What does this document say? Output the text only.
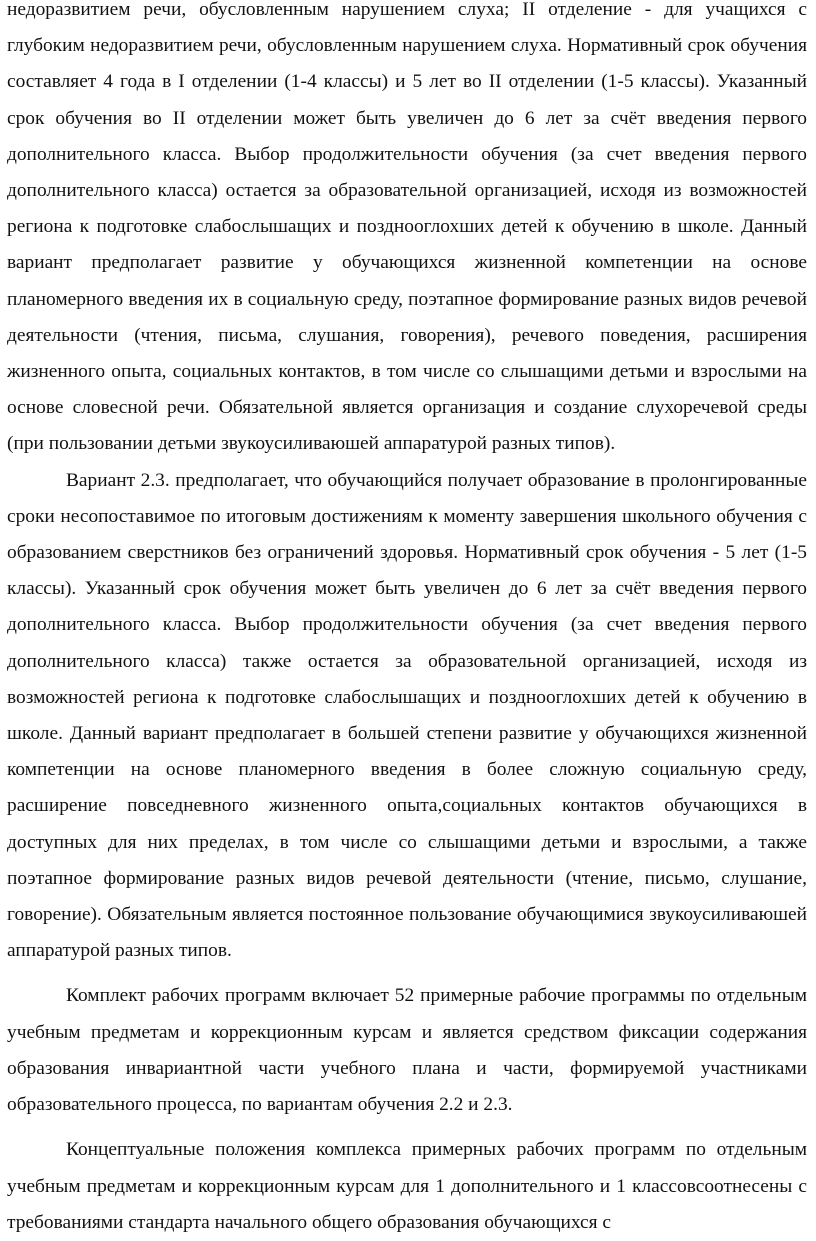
недоразвитием речи, обусловленным нарушением слуха; II отделение - для учащихся с глубоким недоразвитием речи, обусловленным нарушением слуха. Нормативный срок обучения составляет 4 года в I отделении (1-4 классы) и 5 лет во II отделении (1-5 классы). Указанный срок обучения во II отделении может быть увеличен до 6 лет за счёт введения первого дополнительного класса. Выбор продолжительности обучения (за счет введения первого дополнительного класса) остается за образовательной организацией, исходя из возможностей региона к подготовке слабослышащих и позднооглохших детей к обучению в школе. Данный вариант предполагает развитие у обучающихся жизненной компетенции на основе планомерного введения их в социальную среду, поэтапное формирование разных видов речевой деятельности (чтения, письма, слушания, говорения), речевого поведения, расширения жизненного опыта, социальных контактов, в том числе со слышащими детьми и взрослыми на основе словесной речи. Обязательной является организация и создание слухоречевой среды (при пользовании детьми звукоусиливаюшей аппаратурой разных типов).

Вариант 2.3. предполагает, что обучающийся получает образование в пролонгированные сроки несопоставимое по итоговым достижениям к моменту завершения школьного обучения с образованием сверстников без ограничений здоровья. Нормативный срок обучения - 5 лет (1-5 классы). Указанный срок обучения может быть увеличен до 6 лет за счёт введения первого дополнительного класса. Выбор продолжительности обучения (за счет введения первого дополнительного класса) также остается за образовательной организацией, исходя из возможностей региона к подготовке слабослышащих и позднооглохших детей к обучению в школе. Данный вариант предполагает в большей степени развитие у обучающихся жизненной компетенции на основе планомерного введения в более сложную социальную среду, расширение повседневного жизненного опыта,социальных контактов обучающихся в доступных для них пределах, в том числе со слышащими детьми и взрослыми, а также поэтапное формирование разных видов речевой деятельности (чтение, письмо, слушание, говорение). Обязательным является постоянное пользование обучающимися звукоусиливаюшей аппаратурой разных типов.

Комплект рабочих программ включает 52 примерные рабочие программы по отдельным учебным предметам и коррекционным курсам и является средством фиксации содержания образования инвариантной части учебного плана и части, формируемой участниками образовательного процесса, по вариантам обучения 2.2 и 2.3.

Концептуальные положения комплекса примерных рабочих программ по отдельным учебным предметам и коррекционным курсам для 1 дополнительного и 1 классовсоотнесены с требованиями стандарта начального общего образования обучающихся с
